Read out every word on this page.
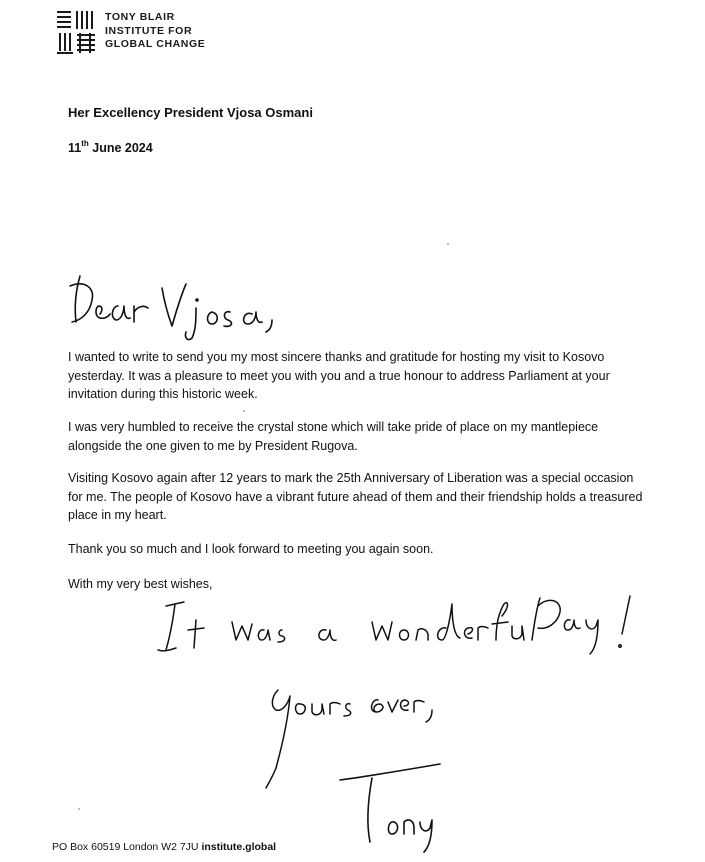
TONY BLAIR
INSTITUTE FOR
GLOBAL CHANGE
Her Excellency President Vjosa Osmani
11th June 2024
I wanted to write to send you my most sincere thanks and gratitude for hosting my visit to Kosovo yesterday. It was a pleasure to meet you with you and a true honour to address Parliament at your invitation during this historic week.
I was very humbled to receive the crystal stone which will take pride of place on my mantlepiece alongside the one given to me by President Rugova.
Visiting Kosovo again after 12 years to mark the 25th Anniversary of Liberation was a special occasion for me. The people of Kosovo have a vibrant future ahead of them and their friendship holds a treasured place in my heart.
Thank you so much and I look forward to meeting you again soon.
With my very best wishes,
PO Box 60519 London W2 7JU institute.global
